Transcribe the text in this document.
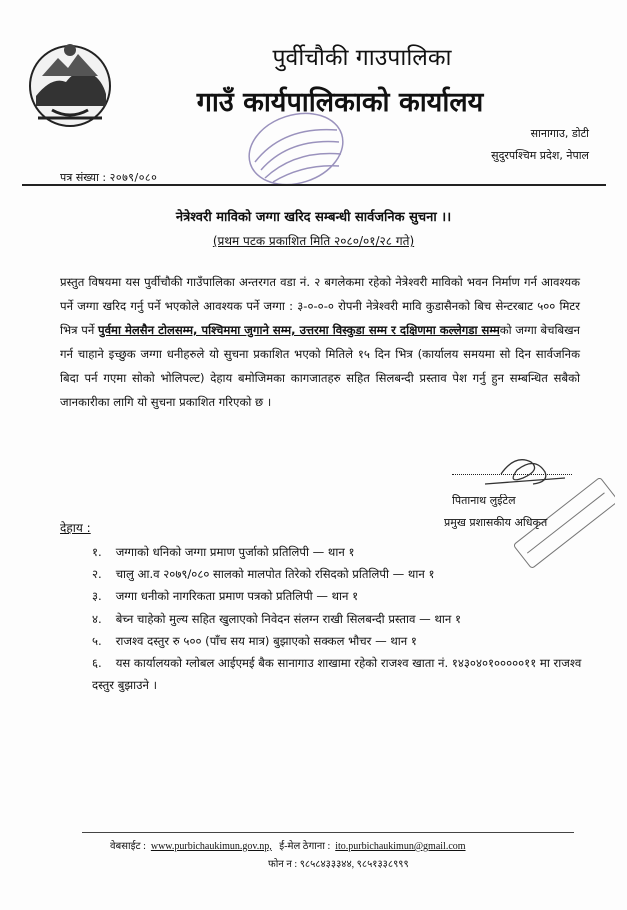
पुर्वीचौकी गाउपालिका
गाउँ कार्यपालिकाको कार्यालय
सानागाउ, डोटी
सुदुरपश्चिम प्रदेश, नेपाल
पत्र संख्या : २०७९/०८०
नेत्रेश्वरी माविको जग्गा खरिद सम्बन्धी सार्वजनिक सुचना ।।
(प्रथम पटक प्रकाशित मिति २०८०/०१/२८ गते)
प्रस्तुत विषयमा यस पुर्वीचौकी गाउँपालिका अन्तरगत वडा नं. २ बगलेकमा रहेको नेत्रेश्वरी माविको भवन निर्माण गर्न आवश्यक पर्ने जग्गा खरिद गर्नु पर्ने भएकोले आवश्यक पर्ने जग्गा : ३-०-०-० रोपनी नेत्रेश्वरी मावि कुडासैनको बिच सेन्टरबाट ५०० मिटर भित्र पर्ने पुर्वमा मेलसैन टोलसम्म, पश्चिममा जुगाने सम्म, उत्तरमा विस्कुडा सम्म र दक्षिणमा कल्लेगडा सम्मको जग्गा बेचबिखन गर्न चाहाने इच्छुक जग्गा धनीहरुले यो सुचना प्रकाशित भएको मितिले १५ दिन भित्र (कार्यालय समयमा सो दिन सार्वजनिक बिदा पर्न गएमा सोको भोलिपल्ट) देहाय बमोजिमका कागजातहरु सहित सिलबन्दी प्रस्ताव पेश गर्नु हुन सम्बन्धित सबैको जानकारीका लागि यो सुचना प्रकाशित गरिएको छ ।
पितानाथ लुईटेल
प्रमुख प्रशासकीय अधिकृत
देहाय :
१. जग्गाको धनिको जग्गा प्रमाण पुर्जाको प्रतिलिपी — थान १
२. चालु आ.व २०७९/०८० सालको मालपोत तिरेको रसिदको प्रतिलिपी — थान १
३. जग्गा धनीको नागरिकता प्रमाण पत्रको प्रतिलिपी — थान १
४. बेच्न चाहेको मुल्य सहित खुलाएको निवेदन संलग्न राखी सिलबन्दी प्रस्ताव — थान १
५. राजश्व दस्तुर रु ५०० (पाँच सय मात्र) बुझाएको सक्कल भौचर — थान १
६. यस कार्यालयको ग्लोबल आईएमई बैक सानागाउ शाखामा रहेको राजश्व खाता नं. १४३०४०१०००००११ मा राजश्व दस्तुर बुझाउने ।
वेबसाईट : www.purbichaukimun.gov.np, ई-मेल ठेगाना : ito.purbichaukimun@gmail.com
फोन न : ९८५८४३३३४४, ९८५१३३८९९९
